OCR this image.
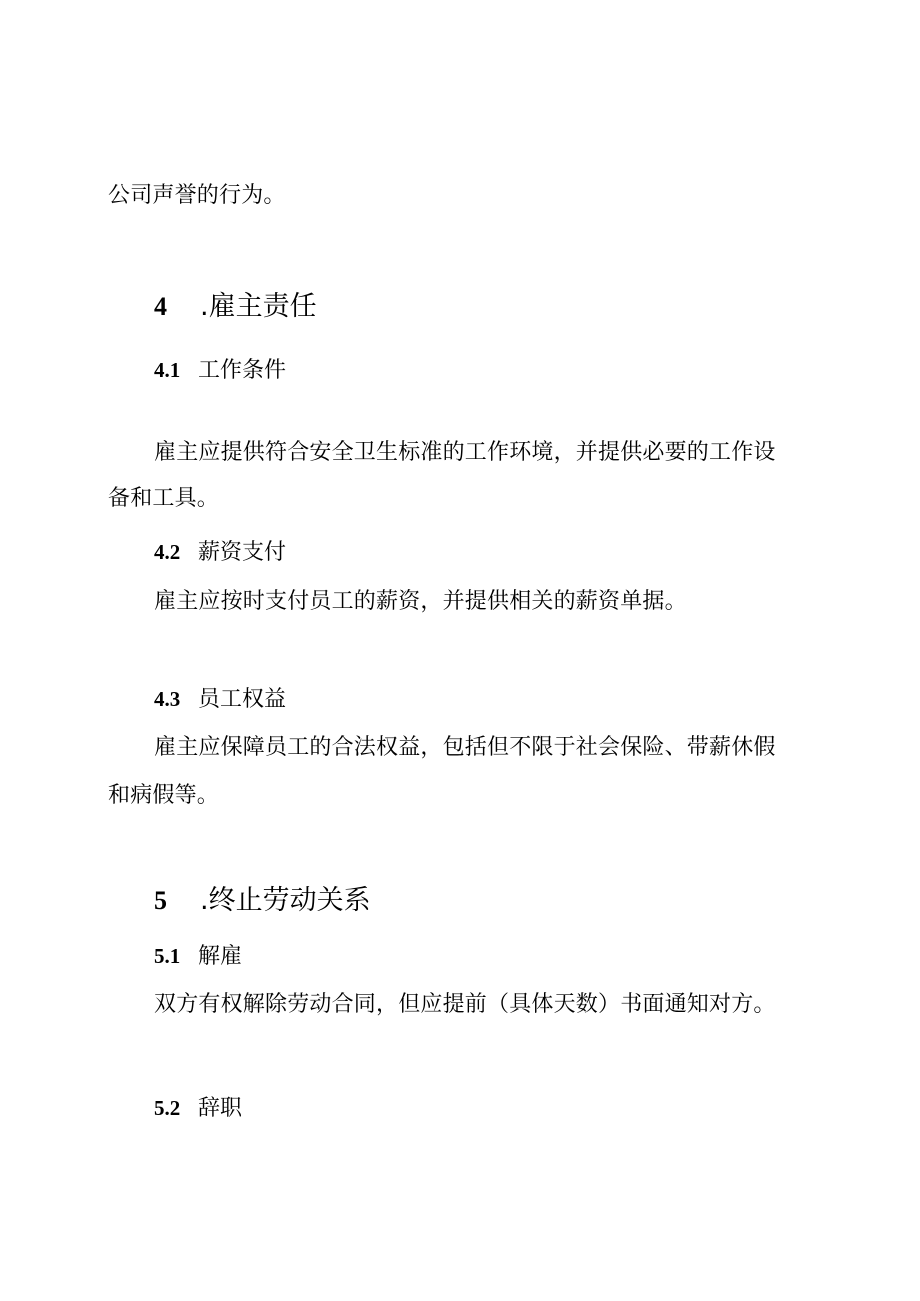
公司声誉的行为。

4 .雇主责任
4.1 工作条件

雇主应提供符合安全卫生标准的工作环境，并提供必要的工作设

备和工具。

4.2 薪资支付

雇主应按时支付员工的薪资，并提供相关的薪资单据。

4.3 员工权益

雇主应保障员工的合法权益，包括但不限于社会保险、带薪休假

和病假等。

5 .终止劳动关系
5.1 解雇

双方有权解除劳动合同，但应提前（具体天数）书面通知对方。

5.2 辞职
